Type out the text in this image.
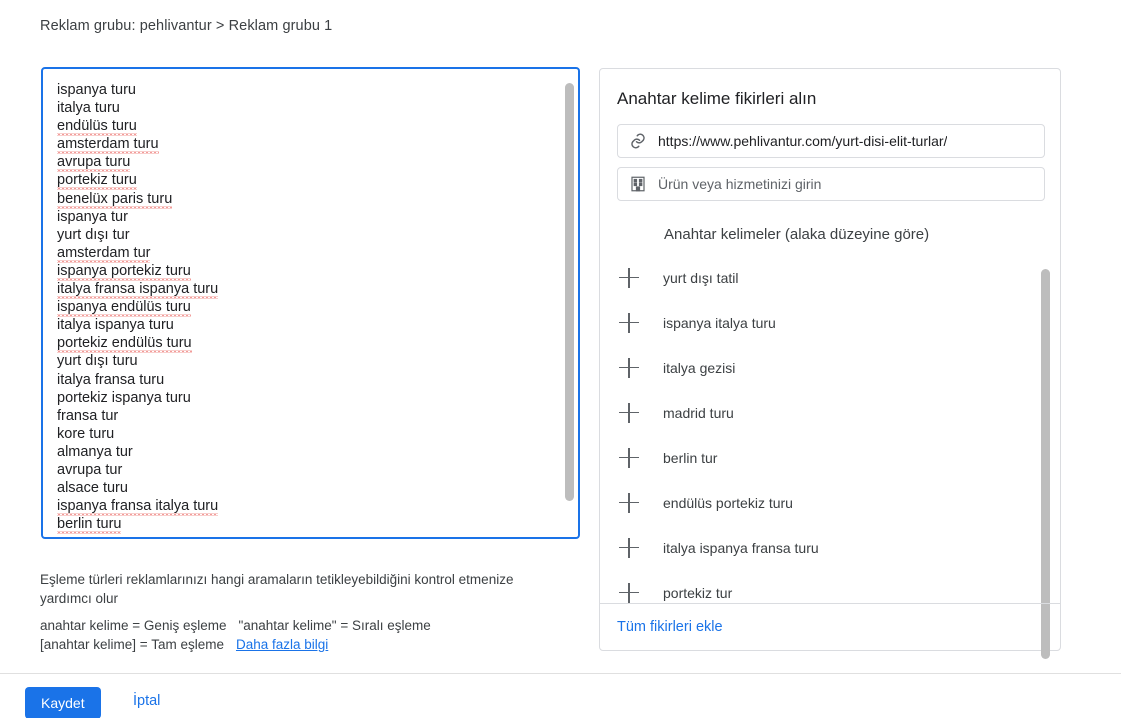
Reklam grubu: pehlivantur > Reklam grubu 1
ispanya turu
italya turu
endülüs turu
amsterdam turu
avrupa turu
portekiz turu
benelüx paris turu
ispanya tur
yurt dışı tur
amsterdam tur
ispanya portekiz turu
italya fransa ispanya turu
ispanya endülüs turu
italya ispanya turu
portekiz endülüs turu
yurt dışı turu
italya fransa turu
portekiz ispanya turu
fransa tur
kore turu
almanya tur
avrupa tur
alsace turu
ispanya fransa italya turu
berlin turu
Eşleme türleri reklamlarınızı hangi aramaların tetikleyebildiğini kontrol etmenize yardımcı olur
anahtar kelime = Geniş eşleme "anahtar kelime" = Sıralı eşleme
[anahtar kelime] = Tam eşleme Daha fazla bilgi
Anahtar kelime fikirleri alın
https://www.pehlivantur.com/yurt-disi-elit-turlar/
Ürün veya hizmetinizi girin
Anahtar kelimeler (alaka düzeyine göre)
yurt dışı tatil
ispanya italya turu
italya gezisi
madrid turu
berlin tur
endülüs portekiz turu
italya ispanya fransa turu
portekiz tur
Tüm fikirleri ekle
Kaydet	İptal
